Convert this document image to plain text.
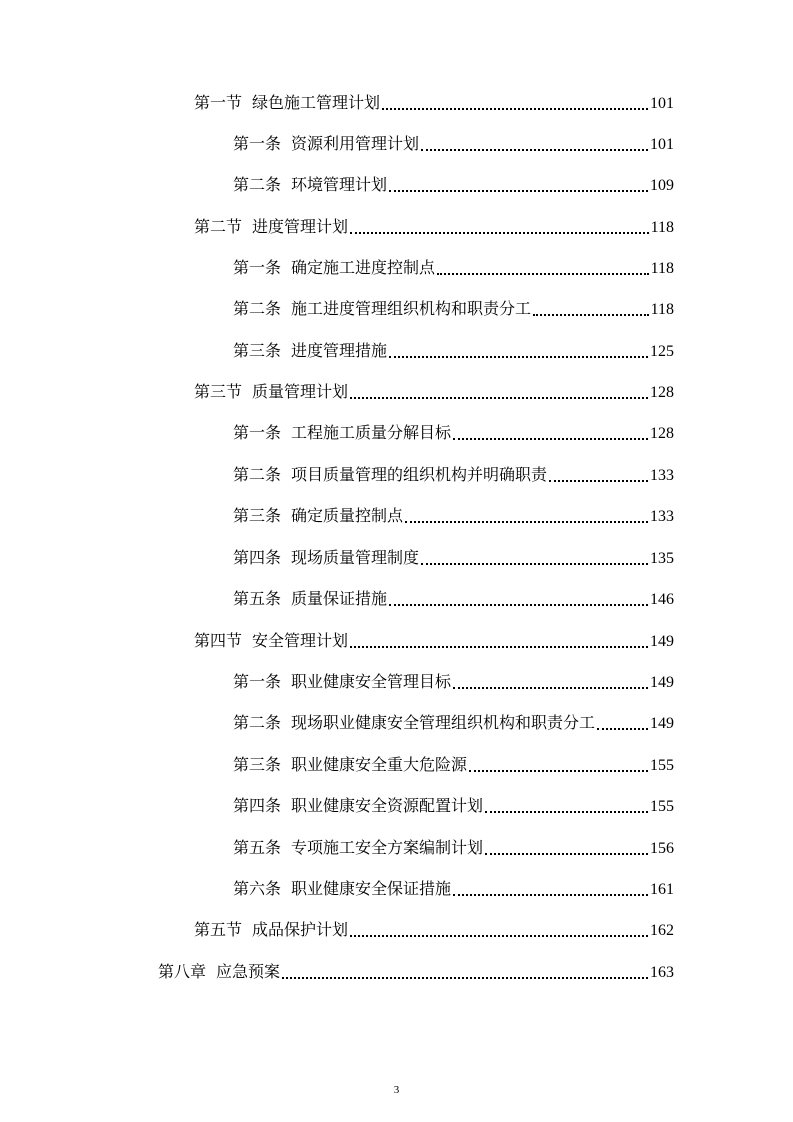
第一节 绿色施工管理计划	101
第一条 资源利用管理计划	101
第二条 环境管理计划	109
第二节 进度管理计划	118
第一条 确定施工进度控制点	118
第二条 施工进度管理组织机构和职责分工	118
第三条 进度管理措施	125
第三节 质量管理计划	128
第一条 工程施工质量分解目标	128
第二条 项目质量管理的组织机构并明确职责	133
第三条 确定质量控制点	133
第四条 现场质量管理制度	135
第五条 质量保证措施	146
第四节 安全管理计划	149
第一条 职业健康安全管理目标	149
第二条 现场职业健康安全管理组织机构和职责分工	149
第三条 职业健康安全重大危险源	155
第四条 职业健康安全资源配置计划	155
第五条 专项施工安全方案编制计划	156
第六条 职业健康安全保证措施	161
第五节 成品保护计划	162
第八章 应急预案	163
3
